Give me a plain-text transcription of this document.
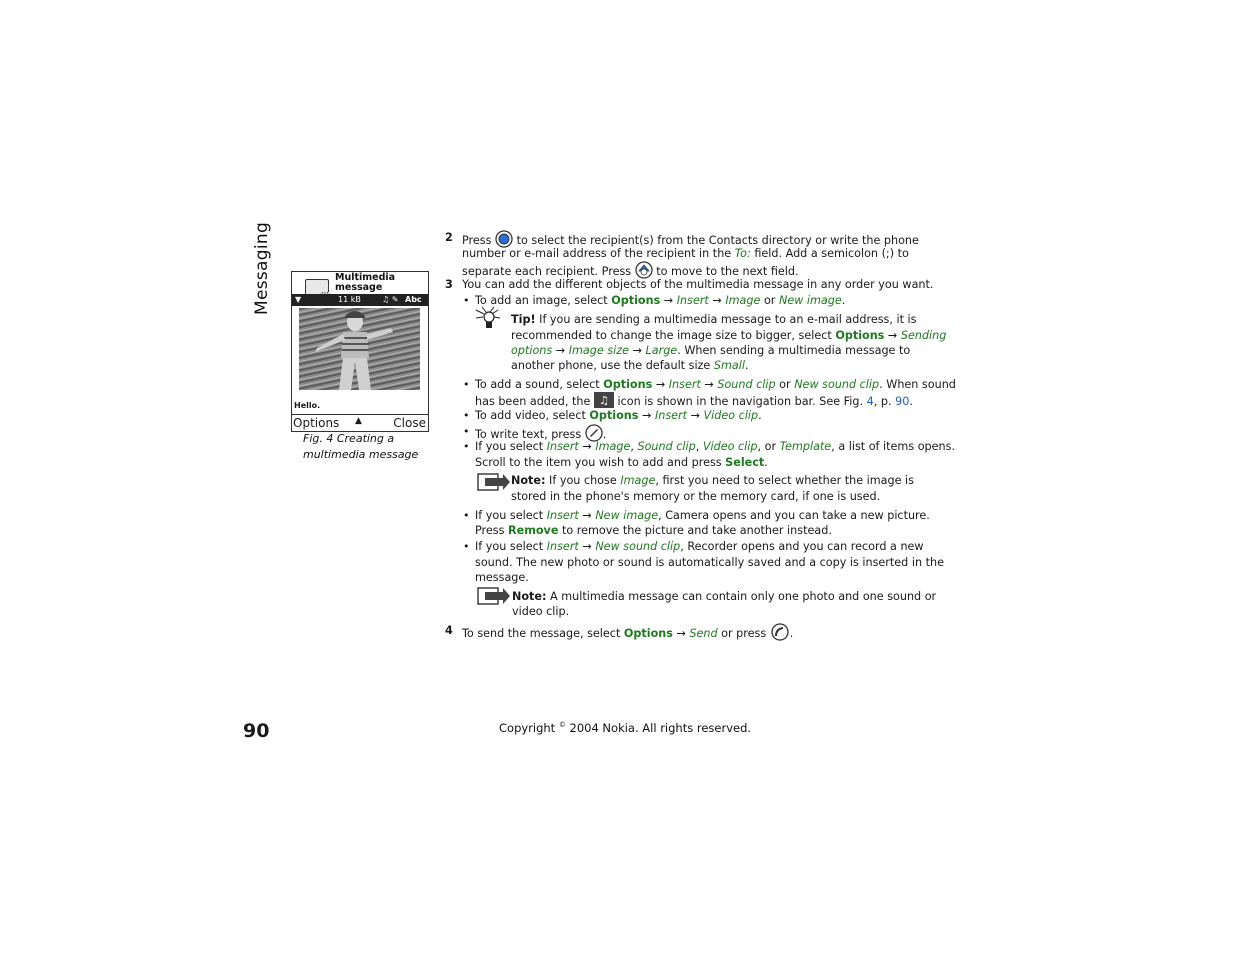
Messaging	Multimedia
message
▼	11 kB	♫ ✎ Abc
Hello.
Options ▲	Close
Fig. 4 Creating a
multimedia message
2 Press to select the recipient(s) from the Contacts directory or write the phone
number or e-mail address of the recipient in the To: field. Add a semicolon (;) to
separate each recipient. Press to move to the next field.
3 You can add the different objects of the multimedia message in any order you want.
• To add an image, select Options → Insert → Image or New image.
Tip! If you are sending a multimedia message to an e-mail address, it is
recommended to change the image size to bigger, select Options → Sending
options → Image size → Large. When sending a multimedia message to
another phone, use the default size Small.
• To add a sound, select Options → Insert → Sound clip or New sound clip. When sound
has been added, the ♫ icon is shown in the navigation bar. See Fig. 4, p. 90.
• To add video, select Options → Insert → Video clip.
• To write text, press .
• If you select Insert → Image, Sound clip, Video clip, or Template, a list of items opens.
Scroll to the item you wish to add and press Select.
Note: If you chose Image, first you need to select whether the image is
stored in the phone's memory or the memory card, if one is used.
• If you select Insert → New image, Camera opens and you can take a new picture.
Press Remove to remove the picture and take another instead.
• If you select Insert → New sound clip, Recorder opens and you can record a new
sound. The new photo or sound is automatically saved and a copy is inserted in the
message.
Note: A multimedia message can contain only one photo and one sound or
video clip.
4 To send the message, select Options → Send or press .
90	Copyright © 2004 Nokia. All rights reserved.
